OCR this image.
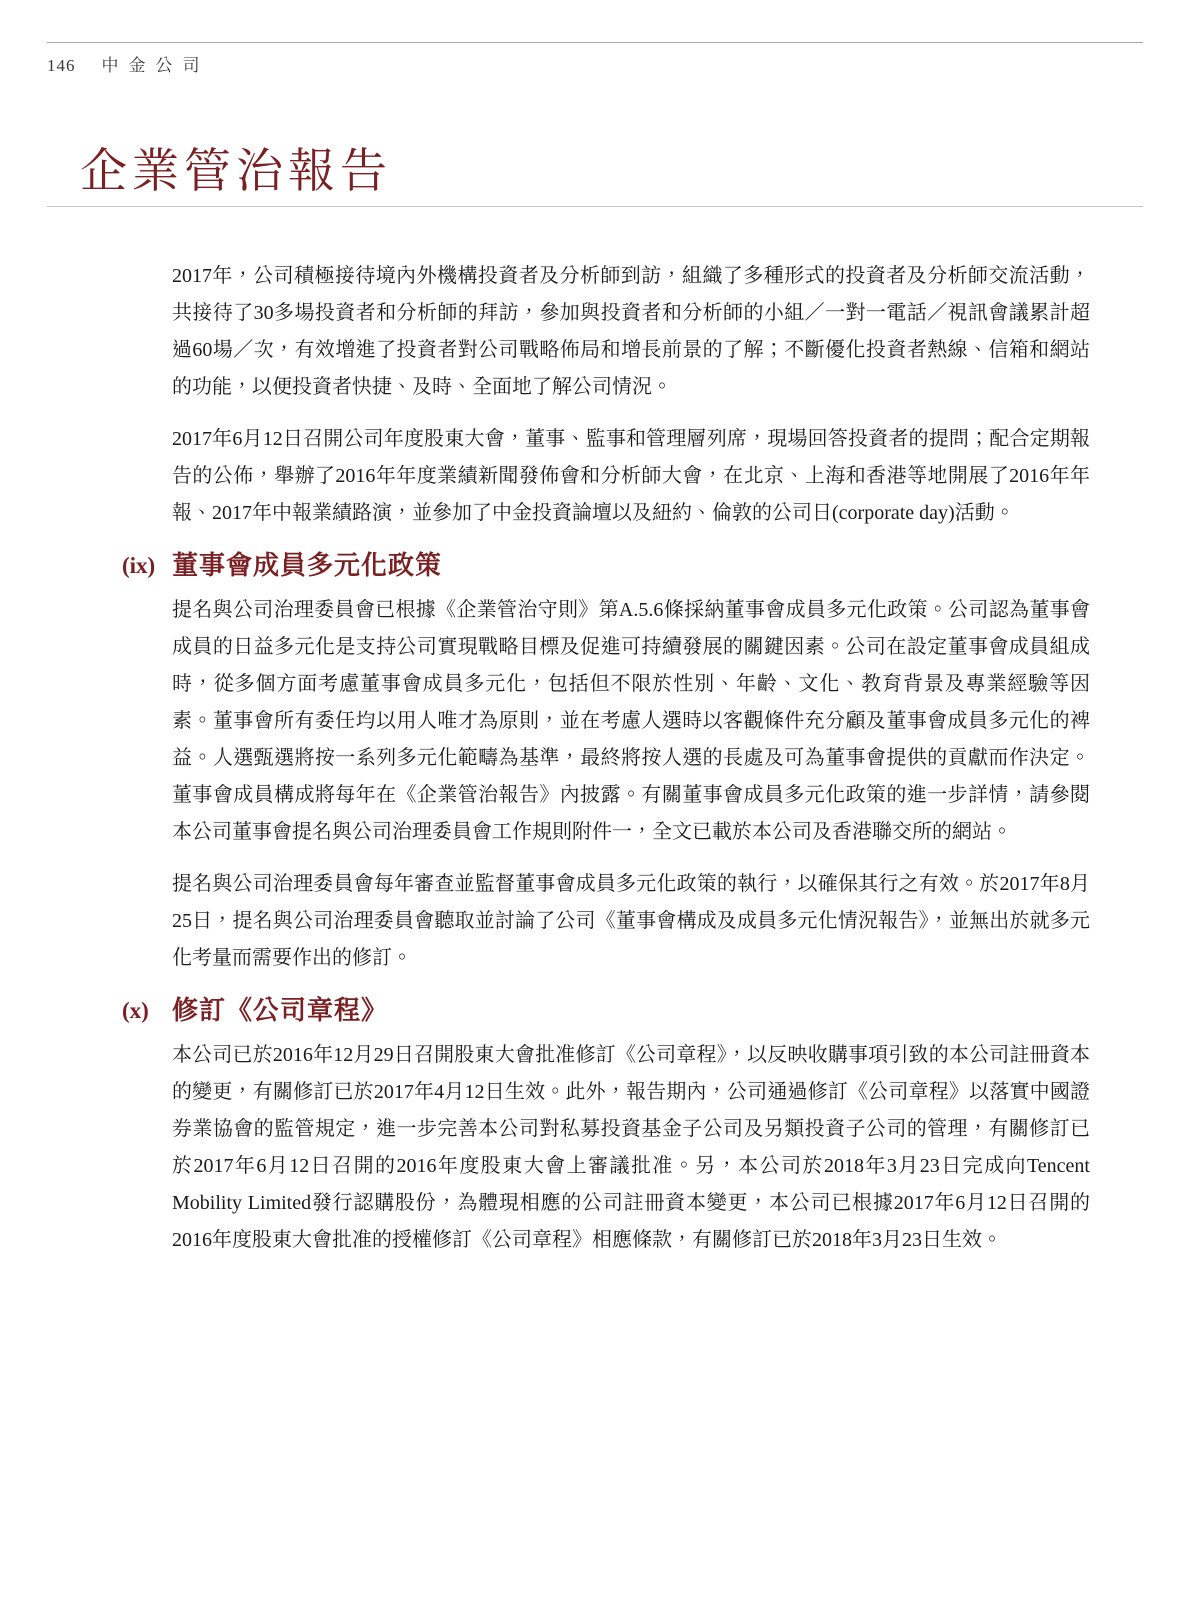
146 中金公司
企業管治報告

2017年，公司積極接待境內外機構投資者及分析師到訪，組織了多種形式的投資者及分析師交流活動，共接待了30多場投資者和分析師的拜訪，參加與投資者和分析師的小組／一對一電話／視訊會議累計超過60場／次，有效增進了投資者對公司戰略佈局和增長前景的了解；不斷優化投資者熱線、信箱和網站的功能，以便投資者快捷、及時、全面地了解公司情況。

2017年6月12日召開公司年度股東大會，董事、監事和管理層列席，現場回答投資者的提問；配合定期報告的公佈，舉辦了2016年年度業績新聞發佈會和分析師大會，在北京、上海和香港等地開展了2016年年報、2017年中報業績路演，並參加了中金投資論壇以及紐約、倫敦的公司日(corporate day)活動。

(ix) 董事會成員多元化政策

提名與公司治理委員會已根據《企業管治守則》第A.5.6條採納董事會成員多元化政策。公司認為董事會成員的日益多元化是支持公司實現戰略目標及促進可持續發展的關鍵因素。公司在設定董事會成員組成時，從多個方面考慮董事會成員多元化，包括但不限於性別、年齡、文化、教育背景及專業經驗等因素。董事會所有委任均以用人唯才為原則，並在考慮人選時以客觀條件充分顧及董事會成員多元化的裨益。人選甄選將按一系列多元化範疇為基準，最終將按人選的長處及可為董事會提供的貢獻而作決定。董事會成員構成將每年在《企業管治報告》內披露。有關董事會成員多元化政策的進一步詳情，請參閱本公司董事會提名與公司治理委員會工作規則附件一，全文已載於本公司及香港聯交所的網站。

提名與公司治理委員會每年審查並監督董事會成員多元化政策的執行，以確保其行之有效。於2017年8月25日，提名與公司治理委員會聽取並討論了公司《董事會構成及成員多元化情況報告》，並無出於就多元化考量而需要作出的修訂。

(x) 修訂《公司章程》

本公司已於2016年12月29日召開股東大會批准修訂《公司章程》，以反映收購事項引致的本公司註冊資本的變更，有關修訂已於2017年4月12日生效。此外，報告期內，公司通過修訂《公司章程》以落實中國證券業協會的監管規定，進一步完善本公司對私募投資基金子公司及另類投資子公司的管理，有關修訂已於2017年6月12日召開的2016年度股東大會上審議批准。另，本公司於2018年3月23日完成向Tencent Mobility Limited發行認購股份，為體現相應的公司註冊資本變更，本公司已根據2017年6月12日召開的2016年度股東大會批准的授權修訂《公司章程》相應條款，有關修訂已於2018年3月23日生效。
